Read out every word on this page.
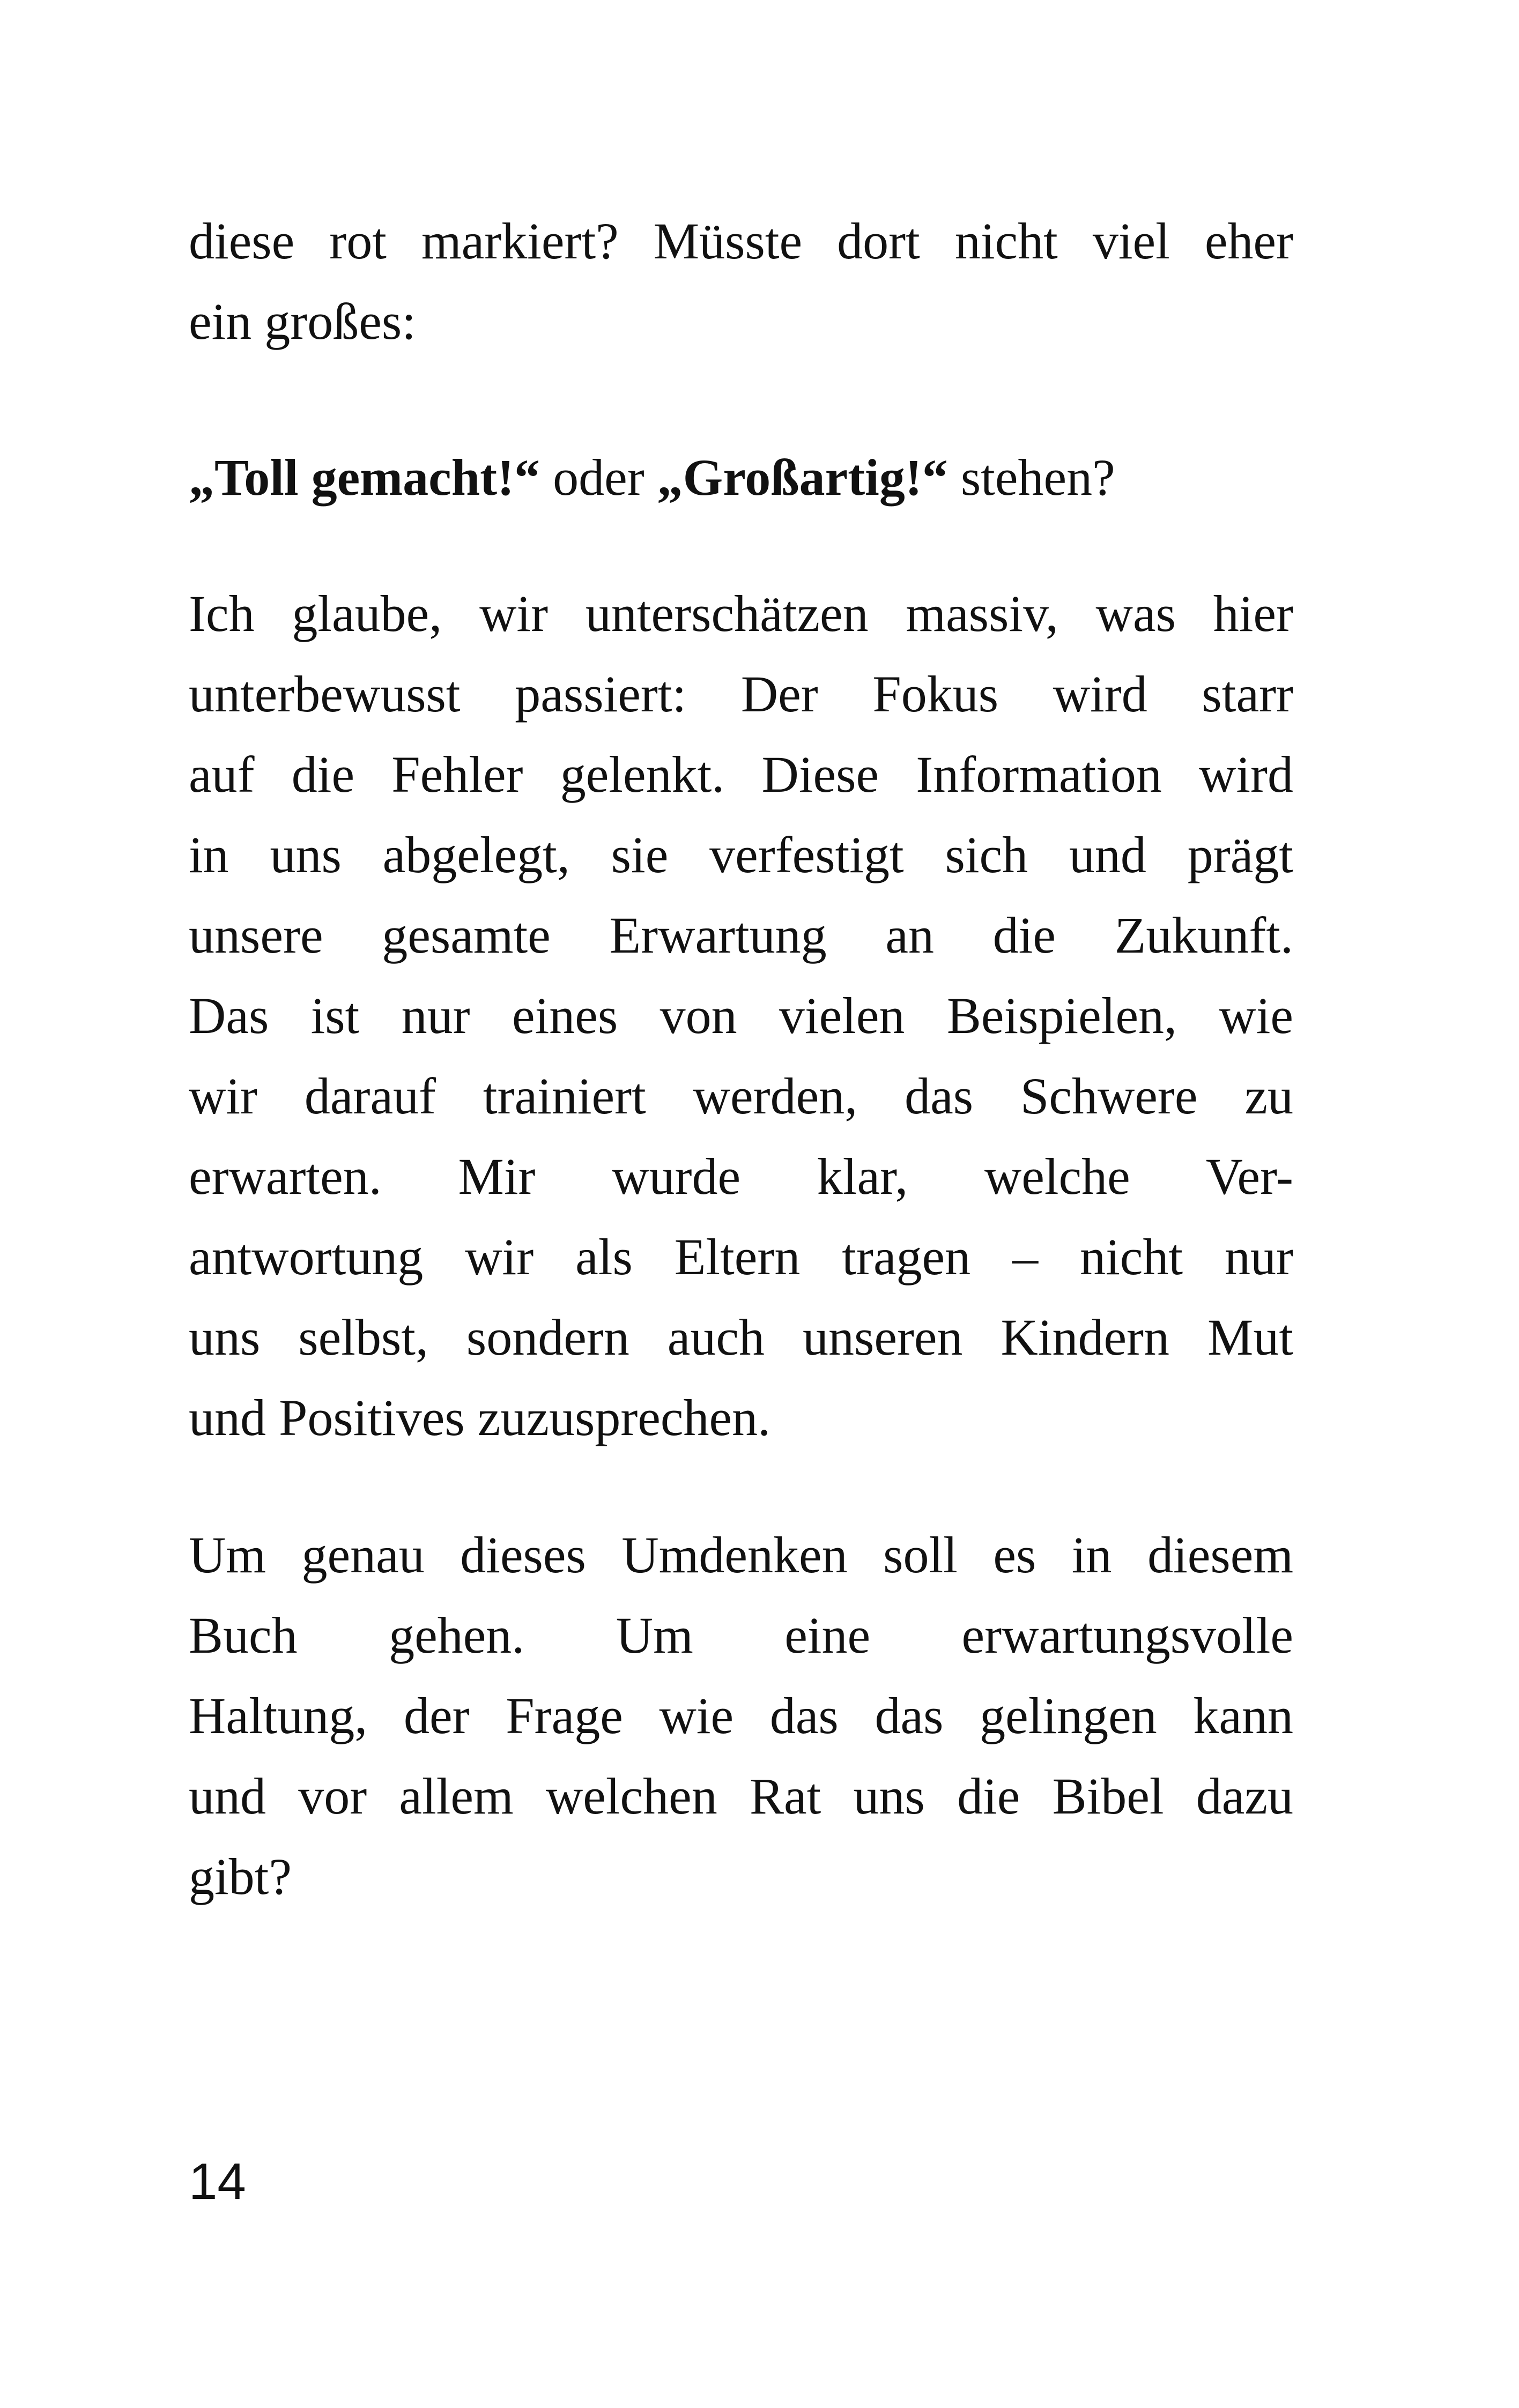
diese rot markiert? Müsste dort nicht viel eher
ein großes:
„Toll gemacht!“ oder „Großartig!“ stehen?
Ich glaube, wir unterschätzen massiv, was hier
unterbewusst passiert: Der Fokus wird starr
auf die Fehler gelenkt. Diese Information wird
in uns abgelegt, sie verfestigt sich und prägt
unsere gesamte Erwartung an die Zukunft.
Das ist nur eines von vielen Beispielen, wie
wir darauf trainiert werden, das Schwere zu
erwarten. Mir wurde klar, welche Ver-
antwortung wir als Eltern tragen – nicht nur
uns selbst, sondern auch unseren Kindern Mut
und Positives zuzusprechen.
Um genau dieses Umdenken soll es in diesem
Buch gehen. Um eine erwartungsvolle
Haltung, der Frage wie das das gelingen kann
und vor allem welchen Rat uns die Bibel dazu
gibt?
14
